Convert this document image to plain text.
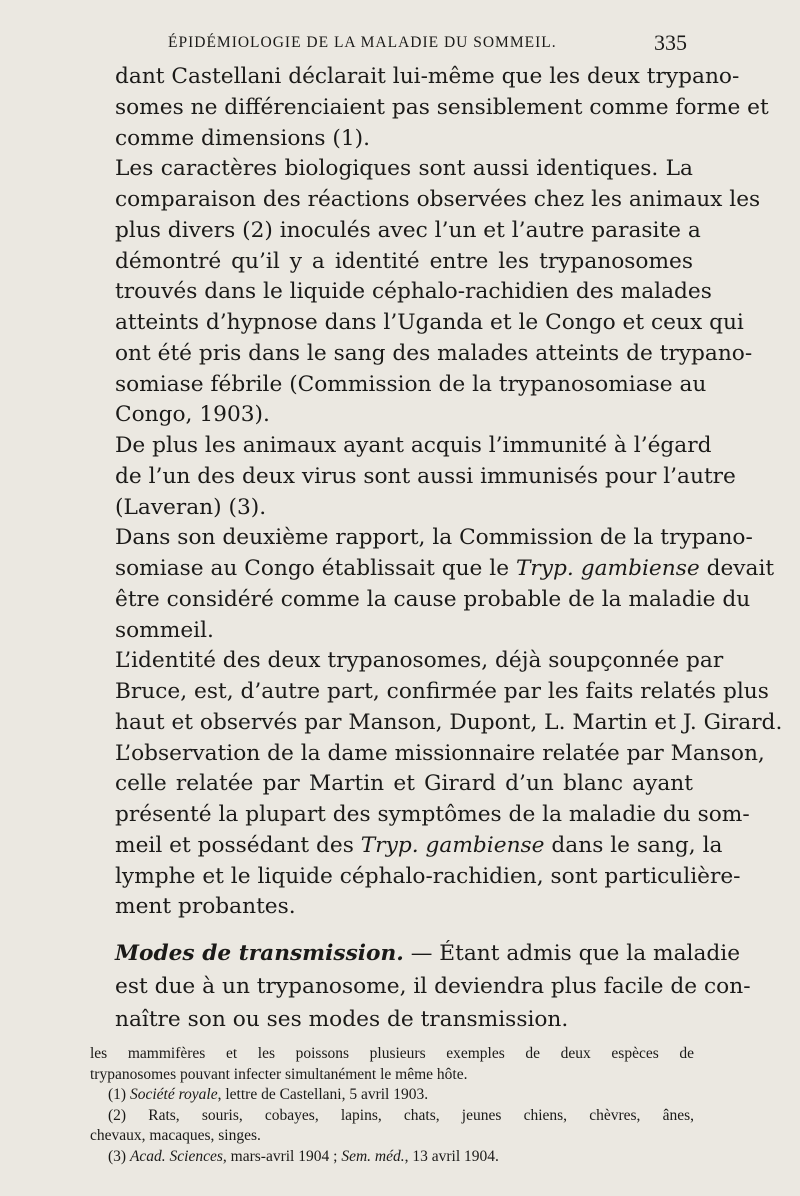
ÉPIDÉMIOLOGIE DE LA MALADIE DU SOMMEIL.	335
dant Castellani déclarait lui-même que les deux trypano-
somes ne différenciaient pas sensiblement comme forme et
comme dimensions (1).
Les caractères biologiques sont aussi identiques. La
comparaison des réactions observées chez les animaux les
plus divers (2) inoculés avec l’un et l’autre parasite a
démontré qu’il y a identité entre les trypanosomes
trouvés dans le liquide céphalo-rachidien des malades
atteints d’hypnose dans l’Uganda et le Congo et ceux qui
ont été pris dans le sang des malades atteints de trypano-
somiase fébrile (Commission de la trypanosomiase au
Congo, 1903).
De plus les animaux ayant acquis l’immunité à l’égard
de l’un des deux virus sont aussi immunisés pour l’autre
(Laveran) (3).
Dans son deuxième rapport, la Commission de la trypano-
somiase au Congo établissait que le Tryp. gambiense devait
être considéré comme la cause probable de la maladie du
sommeil.
L’identité des deux trypanosomes, déjà soupçonnée par
Bruce, est, d’autre part, confirmée par les faits relatés plus
haut et observés par Manson, Dupont, L. Martin et J. Girard.
L’observation de la dame missionnaire relatée par Manson,
celle relatée par Martin et Girard d’un blanc ayant
présenté la plupart des symptômes de la maladie du som-
meil et possédant des Tryp. gambiense dans le sang, la
lymphe et le liquide céphalo-rachidien, sont particulière-
ment probantes.
Modes de transmission. — Étant admis que la maladie
est due à un trypanosome, il deviendra plus facile de con-
naître son ou ses modes de transmission.
les mammifères et les poissons plusieurs exemples de deux espèces de
trypanosomes pouvant infecter simultanément le même hôte.
(1) Société royale, lettre de Castellani, 5 avril 1903.
(2) Rats, souris, cobayes, lapins, chats, jeunes chiens, chèvres, ânes,
chevaux, macaques, singes.
(3) Acad. Sciences, mars-avril 1904 ; Sem. méd., 13 avril 1904.
